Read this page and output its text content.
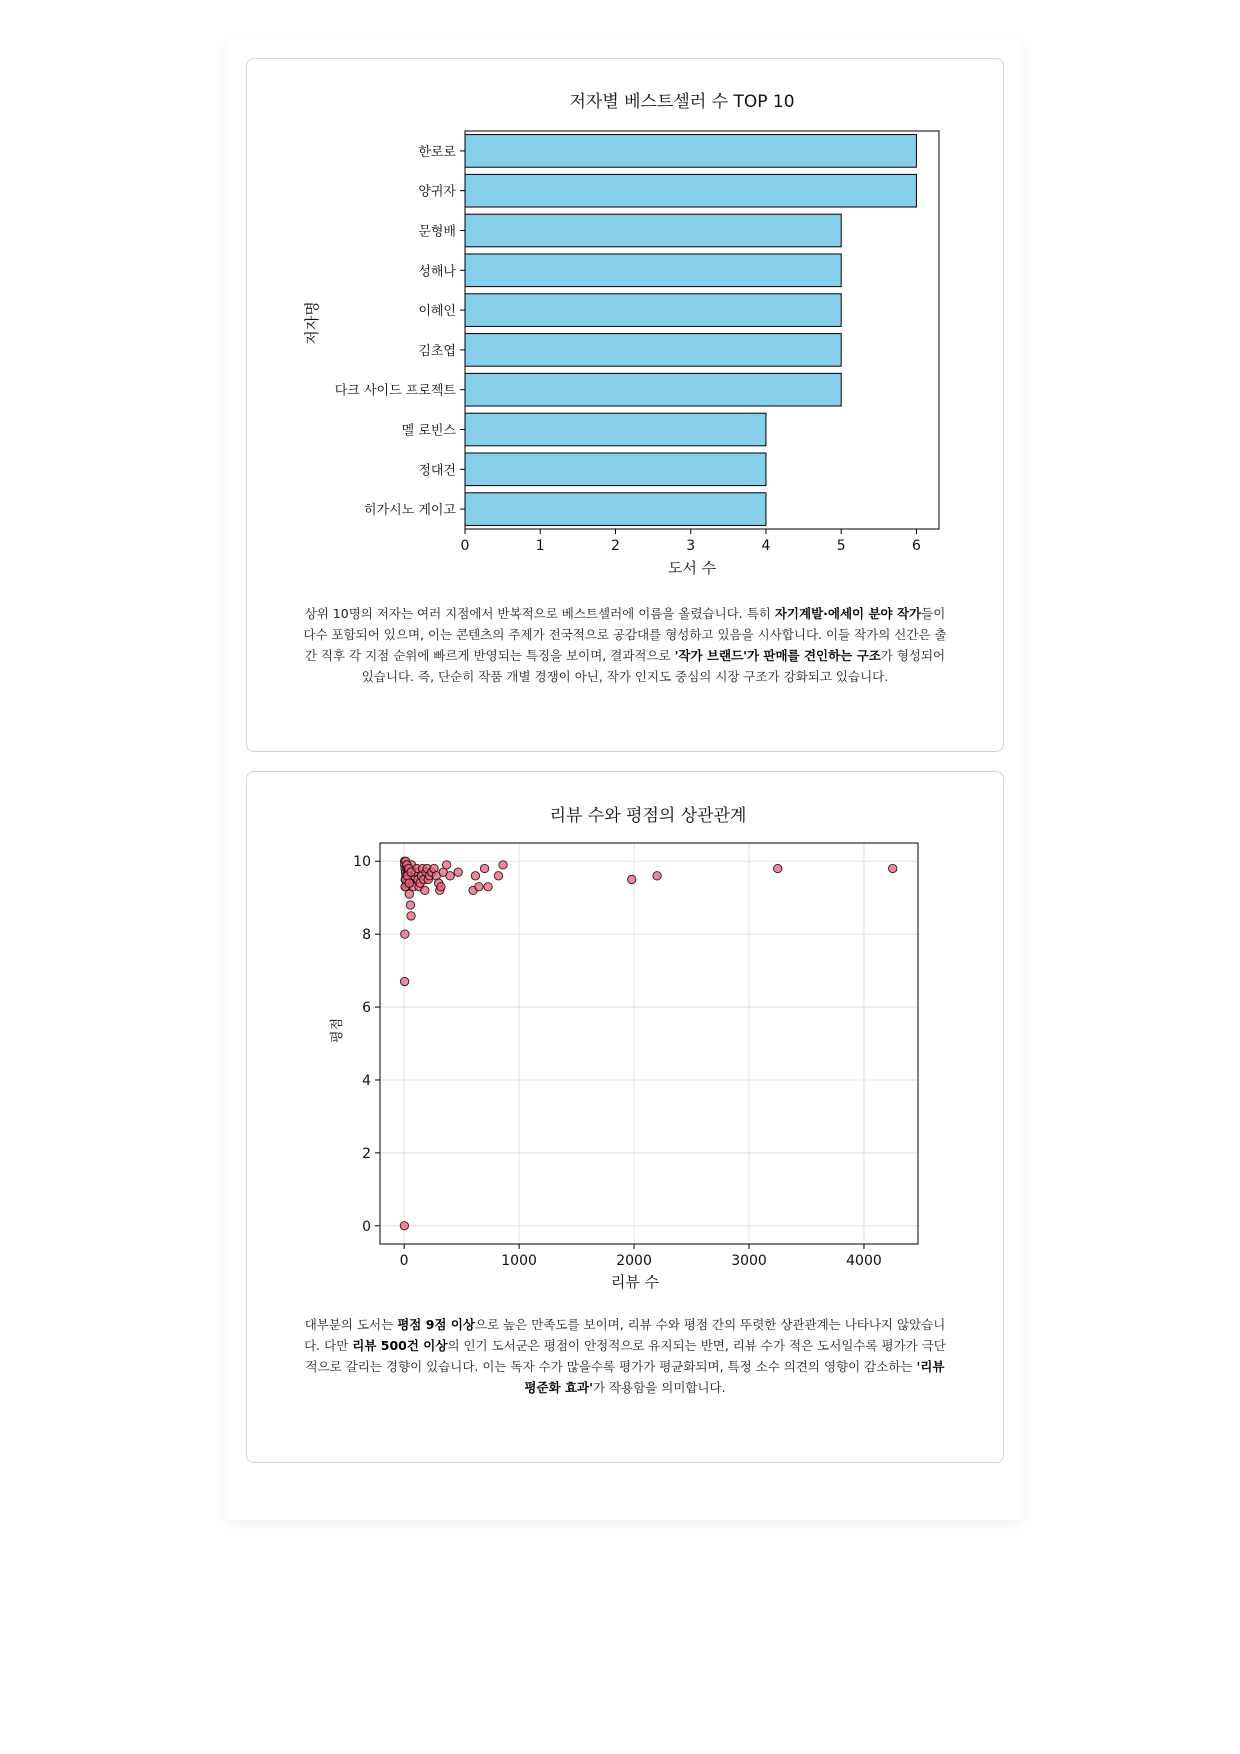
저자별 베스트셀러 수 TOP 10
한로로
양귀자
문형배
성해나
이혜인
김초엽
다크 사이드 프로젝트
멜 로빈스
정대건
히가시노 게이고
0	1	2	3	4	5	6
도서 수
저자명
상위 10명의 저자는 여러 지점에서 반복적으로 베스트셀러에 이름을 올렸습니다. 특히 자기계발·에세이 분야 작가들이 다수 포함되어 있으며, 이는 콘텐츠의 주제가 전국적으로 공감대를 형성하고 있음을 시사합니다. 이들 작가의 신간은 출간 직후 각 지점 순위에 빠르게 반영되는 특징을 보이며, 결과적으로 '작가 브랜드'가 판매를 견인하는 구조가 형성되어 있습니다. 즉, 단순히 작품 개별 경쟁이 아닌, 작가 인지도 중심의 시장 구조가 강화되고 있습니다.
리뷰 수와 평점의 상관관계
0	1000	2000	3000	4000
0
2
4
6
8
10
리뷰 수
평점
대부분의 도서는 평점 9점 이상으로 높은 만족도를 보이며, 리뷰 수와 평점 간의 뚜렷한 상관관계는 나타나지 않았습니다. 다만 리뷰 500건 이상의 인기 도서군은 평점이 안정적으로 유지되는 반면, 리뷰 수가 적은 도서일수록 평가가 극단적으로 갈리는 경향이 있습니다. 이는 독자 수가 많을수록 평가가 평균화되며, 특정 소수 의견의 영향이 감소하는 '리뷰 평준화 효과'가 작용함을 의미합니다.
